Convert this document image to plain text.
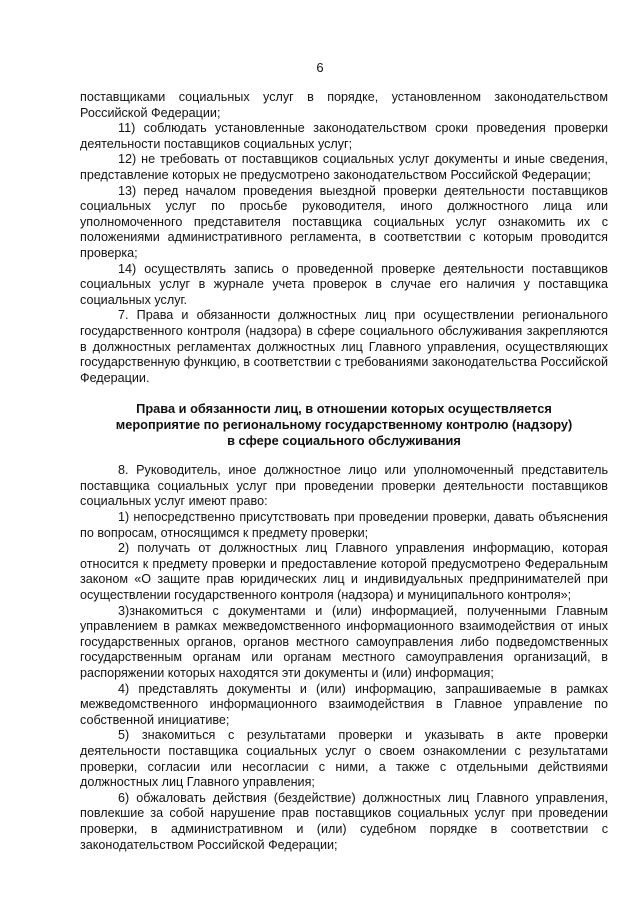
6

поставщиками социальных услуг в порядке, установленном законодательством Российской Федерации;

11) соблюдать установленные законодательством сроки проведения проверки деятельности поставщиков социальных услуг;

12) не требовать от поставщиков социальных услуг документы и иные сведения, представление которых не предусмотрено законодательством Российской Федерации;

13) перед началом проведения выездной проверки деятельности поставщиков социальных услуг по просьбе руководителя, иного должностного лица или уполномоченного представителя поставщика социальных услуг ознакомить их с положениями административного регламента, в соответствии с которым проводится проверка;

14) осуществлять запись о проведенной проверке деятельности поставщиков социальных услуг в журнале учета проверок в случае его наличия у поставщика социальных услуг.

7. Права и обязанности должностных лиц при осуществлении регионального государственного контроля (надзора) в сфере социального обслуживания закрепляются в должностных регламентах должностных лиц Главного управления, осуществляющих государственную функцию, в соответствии с требованиями законодательства Российской Федерации.

Права и обязанности лиц, в отношении которых осуществляется
мероприятие по региональному государственному контролю (надзору)
в сфере социального обслуживания

8. Руководитель, иное должностное лицо или уполномоченный представитель поставщика социальных услуг при проведении проверки деятельности поставщиков социальных услуг имеют право:

1) непосредственно присутствовать при проведении проверки, давать объяснения по вопросам, относящимся к предмету проверки;

2) получать от должностных лиц Главного управления информацию, которая относится к предмету проверки и предоставление которой предусмотрено Федеральным законом «О защите прав юридических лиц и индивидуальных предпринимателей при осуществлении государственного контроля (надзора) и муниципального контроля»;

3)знакомиться с документами и (или) информацией, полученными Главным управлением в рамках межведомственного информационного взаимодействия от иных государственных органов, органов местного самоуправления либо подведомственных государственным органам или органам местного самоуправления организаций, в распоряжении которых находятся эти документы и (или) информация;

4) представлять документы и (или) информацию, запрашиваемые в рамках межведомственного информационного взаимодействия в Главное управление по собственной инициативе;

5) знакомиться с результатами проверки и указывать в акте проверки деятельности поставщика социальных услуг о своем ознакомлении с результатами проверки, согласии или несогласии с ними, а также с отдельными действиями должностных лиц Главного управления;

6) обжаловать действия (бездействие) должностных лиц Главного управления, повлекшие за собой нарушение прав поставщиков социальных услуг при проведении проверки, в административном и (или) судебном порядке в соответствии с законодательством Российской Федерации;
